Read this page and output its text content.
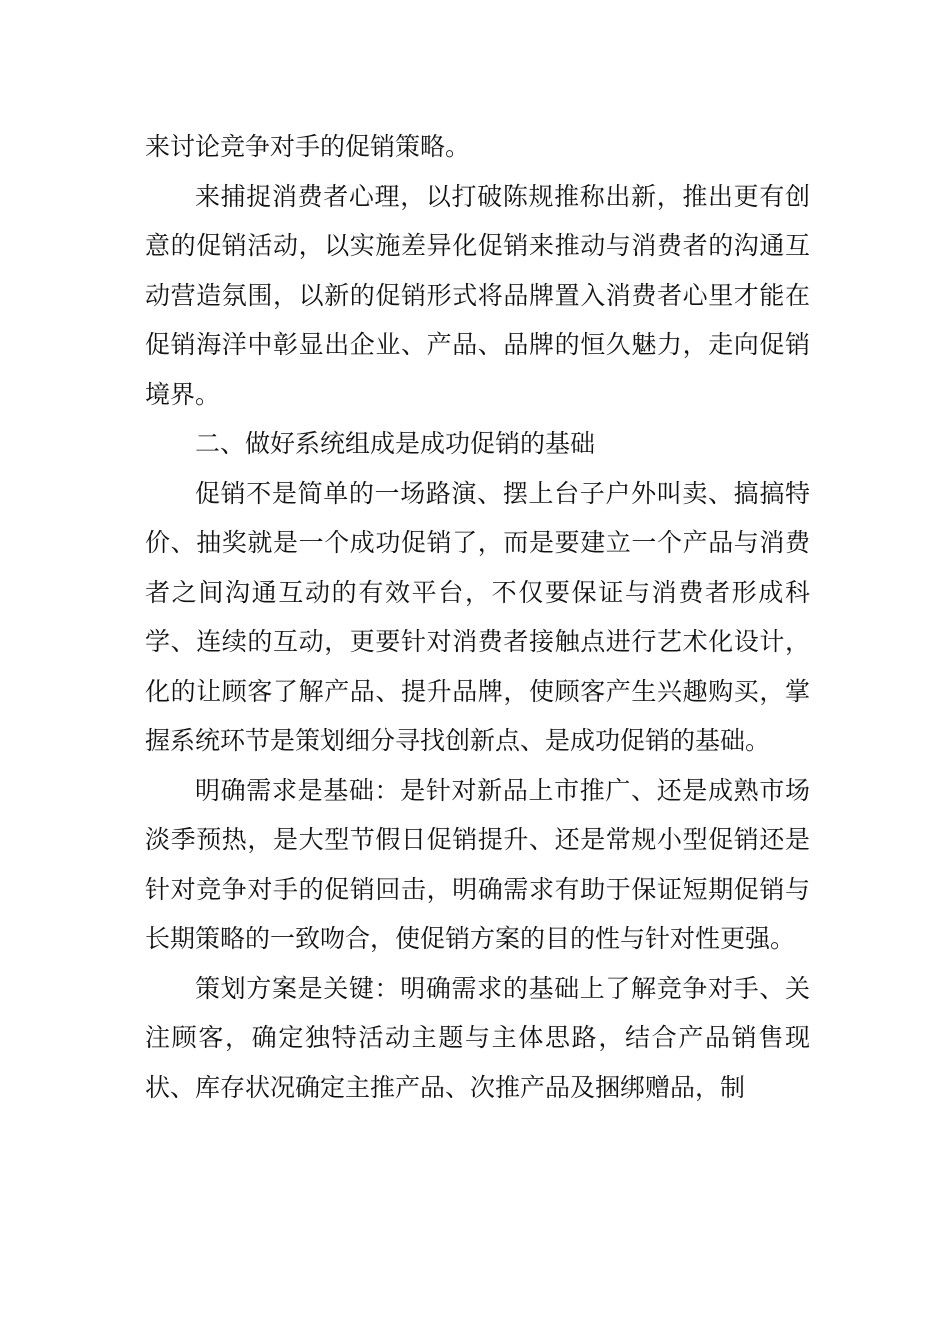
来讨论竞争对手的促销策略。

来捕捉消费者心理，以打破陈规推称出新，推出更有创意的促销活动，以实施差异化促销来推动与消费者的沟通互动营造氛围，以新的促销形式将品牌置入消费者心里才能在促销海洋中彰显出企业、产品、品牌的恒久魅力，走向促销境界。

二、做好系统组成是成功促销的基础

促销不是简单的一场路演、摆上台子户外叫卖、搞搞特价、抽奖就是一个成功促销了，而是要建立一个产品与消费者之间沟通互动的有效平台，不仅要保证与消费者形成科学、连续的互动，更要针对消费者接触点进行艺术化设计，化的让顾客了解产品、提升品牌，使顾客产生兴趣购买，掌握系统环节是策划细分寻找创新点、是成功促销的基础。

明确需求是基础：是针对新品上市推广、还是成熟市场淡季预热，是大型节假日促销提升、还是常规小型促销还是针对竞争对手的促销回击，明确需求有助于保证短期促销与长期策略的一致吻合，使促销方案的目的性与针对性更强。

策划方案是关键：明确需求的基础上了解竞争对手、关注顾客，确定独特活动主题与主体思路，结合产品销售现状、库存状况确定主推产品、次推产品及捆绑赠品，制
